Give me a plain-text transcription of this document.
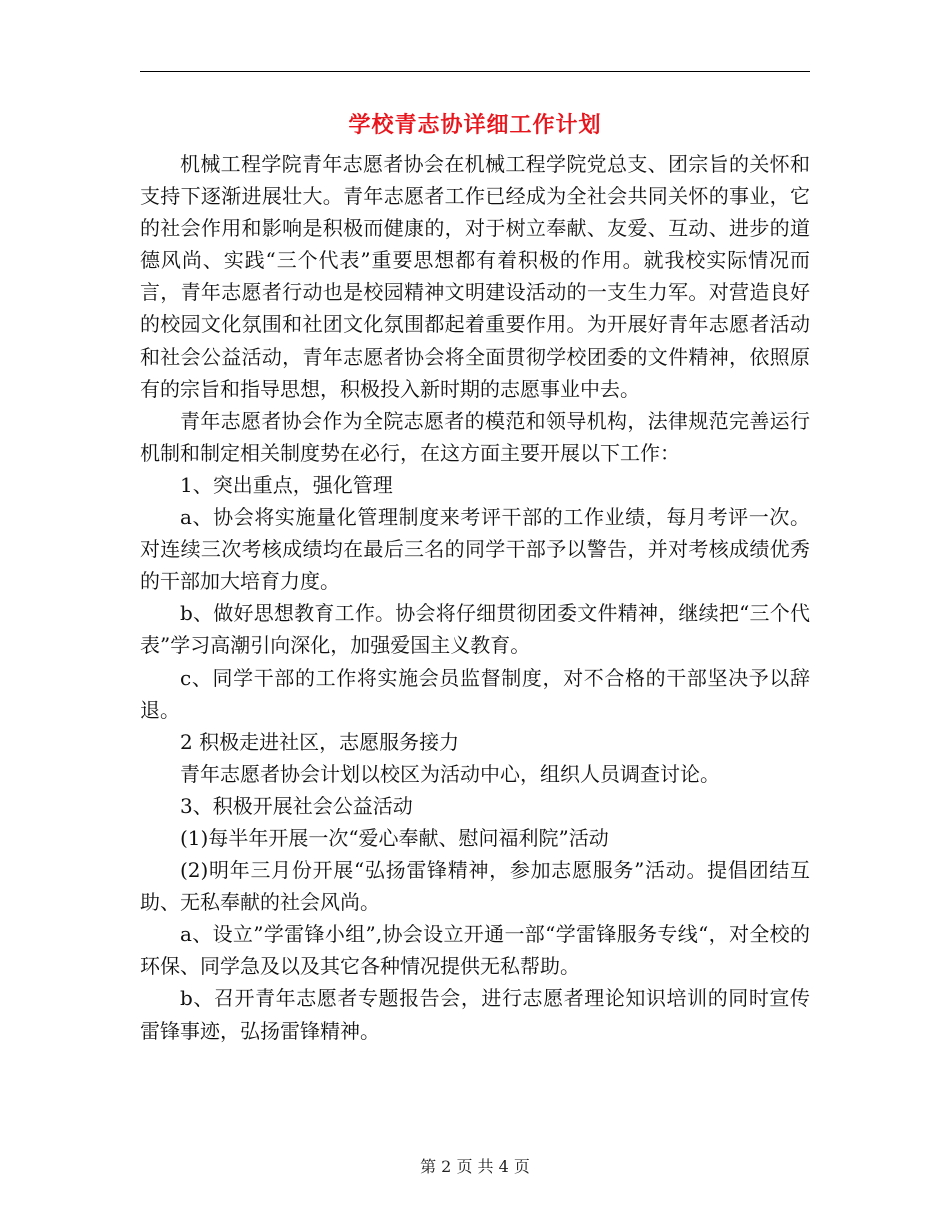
学校青志协详细工作计划

机械工程学院青年志愿者协会在机械工程学院党总支、团宗旨的关怀和支持下逐渐进展壮大。青年志愿者工作已经成为全社会共同关怀的事业，它的社会作用和影响是积极而健康的，对于树立奉献、友爱、互动、进步的道德风尚、实践“三个代表”重要思想都有着积极的作用。就我校实际情况而言，青年志愿者行动也是校园精神文明建设活动的一支生力军。对营造良好的校园文化氛围和社团文化氛围都起着重要作用。为开展好青年志愿者活动和社会公益活动，青年志愿者协会将全面贯彻学校团委的文件精神，依照原有的宗旨和指导思想，积极投入新时期的志愿事业中去。

青年志愿者协会作为全院志愿者的模范和领导机构，法律规范完善运行机制和制定相关制度势在必行，在这方面主要开展以下工作：

1、突出重点，强化管理

a、协会将实施量化管理制度来考评干部的工作业绩，每月考评一次。对连续三次考核成绩均在最后三名的同学干部予以警告，并对考核成绩优秀的干部加大培育力度。

b、做好思想教育工作。协会将仔细贯彻团委文件精神，继续把“三个代表”学习高潮引向深化，加强爱国主义教育。

c、同学干部的工作将实施会员监督制度，对不合格的干部坚决予以辞退。

2 积极走进社区，志愿服务接力

青年志愿者协会计划以校区为活动中心，组织人员调查讨论。

3、积极开展社会公益活动

(1)每半年开展一次“爱心奉献、慰问福利院”活动

(2)明年三月份开展“弘扬雷锋精神，参加志愿服务”活动。提倡团结互助、无私奉献的社会风尚。

a、设立”学雷锋小组”,协会设立开通一部“学雷锋服务专线“，对全校的环保、同学急及以及其它各种情况提供无私帮助。

b、召开青年志愿者专题报告会，进行志愿者理论知识培训的同时宣传雷锋事迹，弘扬雷锋精神。

第 2 页 共 4 页
